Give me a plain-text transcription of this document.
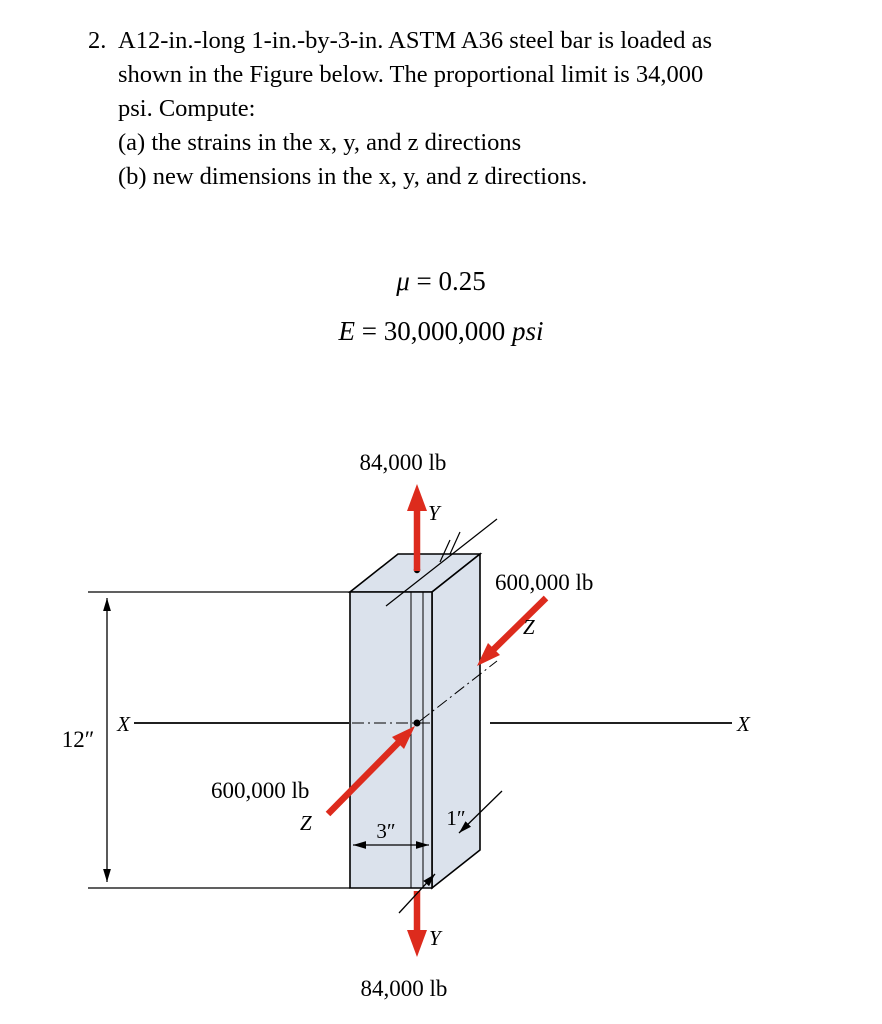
2. A12-in.-long 1-in.-by-3-in. ASTM A36 steel bar is loaded as
shown in the Figure below. The proportional limit is 34,000
psi. Compute:
(a) the strains in the x, y, and z directions
(b) new dimensions in the x, y, and z directions.
μ = 0.25
E = 30,000,000 psi
84,000 lb
Y
600,000 lb
Z
X	X
12″
600,000 lb
Z	3″
1″
Y
84,000 lb
